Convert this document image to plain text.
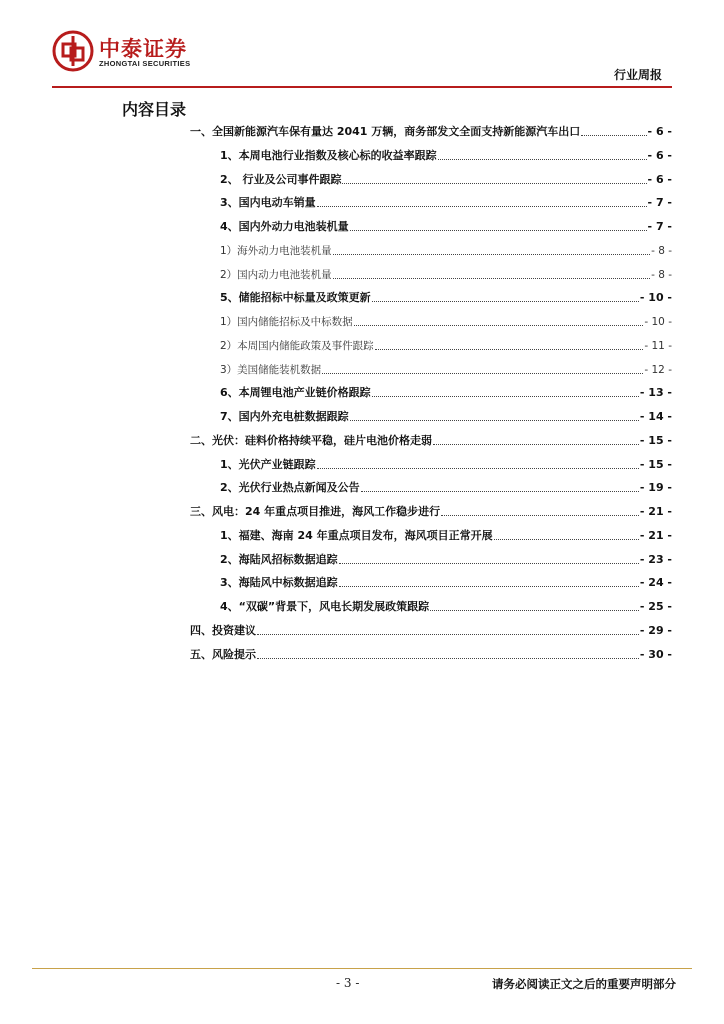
中泰证券
ZHONGTAI SECURITIES
行业周报
内容目录
一、全国新能源汽车保有量达 2041 万辆，商务部发文全面支持新能源汽车出口	- 6 -
1、本周电池行业指数及核心标的收益率跟踪	- 6 -
2、 行业及公司事件跟踪	- 6 -
3、国内电动车销量	- 7 -
4、国内外动力电池装机量	- 7 -
1）海外动力电池装机量	- 8 -
2）国内动力电池装机量	- 8 -
5、储能招标中标量及政策更新	- 10 -
1）国内储能招标及中标数据	- 10 -
2）本周国内储能政策及事件跟踪	- 11 -
3）美国储能装机数据	- 12 -
6、本周锂电池产业链价格跟踪	- 13 -
7、国内外充电桩数据跟踪	- 14 -
二、光伏：硅料价格持续平稳，硅片电池价格走弱	- 15 -
1、光伏产业链跟踪	- 15 -
2、光伏行业热点新闻及公告	- 19 -
三、风电：24 年重点项目推进，海风工作稳步进行	- 21 -
1、福建、海南 24 年重点项目发布，海风项目正常开展	- 21 -
2、海陆风招标数据追踪	- 23 -
3、海陆风中标数据追踪	- 24 -
4、“双碳”背景下，风电长期发展政策跟踪	- 25 -
四、投资建议	- 29 -
五、风险提示	- 30 -
- 3 -	请务必阅读正文之后的重要声明部分
